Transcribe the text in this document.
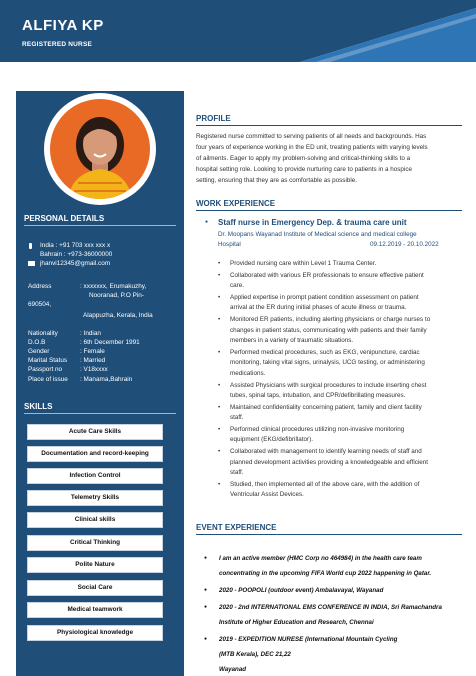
ALFIYA KP
REGISTERED NURSE
PERSONAL DETAILS
India : +91 703 xxx xxx x
Bahrain : +973-36000000
jhanvi12345@gmail.com
Address	: xxxxxxx, Erumakuzhy,
Nooranad, P.O Pin-
690504,
Alappuzha, Kerala, India
Nationality	: Indian
D.O.B	: 6th December 1991
Gender	: Female
Marital Status : Married
Passport no	: V18xxxx
Place of issue : Manama,Bahrain
SKILLS
Acute Care Skills
Documentation and record-keeping
Infection Control
Telemetry Skills
Clinical skills
Critical Thinking
Polite Nature
Social Care
Medical teamwork
Physiological knowledge
PROFILE
Registered nurse committed to serving patients of all needs and backgrounds. Has
four years of experience working in the ED unit, treating patients with varying levels
of ailments. Eager to apply my problem-solving and critical-thinking skills to a
hospital setting role. Looking to provide nurturing care to patients in a hospice
setting, ensuring that they are as comfortable as possible.
WORK EXPERIENCE
● Staff nurse in Emergency Dep. & trauma care unit
Dr. Moopans Wayanad Institute of Medical science and medical college
Hospital	09.12.2019 - 20.10.2022
• Provided nursing care within Level 1 Trauma Center.
• Collaborated with various ER professionals to ensure effective patient
care.
• Applied expertise in prompt patient condition assessment on patient
arrival at the ER during initial phases of acute illness or trauma.
• Monitored ER patients, including alerting physicians or charge nurses to
changes in patient status, communicating with patients and their family
members in a variety of traumatic situations.
• Performed medical procedures, such as EKG, venipuncture, cardiac
monitoring, taking vital signs, urinalysis, UCG testing, or administering
medications.
• Assisted Physicians with surgical procedures to include inserting chest
tubes, spinal taps, intubation, and CPR/defibrillating measures.
• Maintained confidentiality concerning patient, family and client facility
staff.
• Performed clinical procedures utilizing non-invasive monitoring
equipment (EKG/defibrillator).
• Collaborated with management to identify learning needs of staff and
planned development activities providing a knowledgeable and efficient
staff.
• Studied, then implemented all of the above care, with the addition of
Ventricular Assist Devices.
EVENT EXPERIENCE
● I am an active member (HMC Corp no 464984) in the health care team
concentrating in the upcoming FIFA World cup 2022 happening in Qatar.
● 2020 - POOPOLI (outdoor event) Ambalavayal, Wayanad
● 2020 - 2nd INTERNATIONAL EMS CONFERENCE IN INDIA, Sri Ramachandra
Institute of Higher Education and Research, Chennai
● 2019 - EXPEDITION NURESE (International Mountain Cycling
(MTB Kerala), DEC 21,22
Wayanad
